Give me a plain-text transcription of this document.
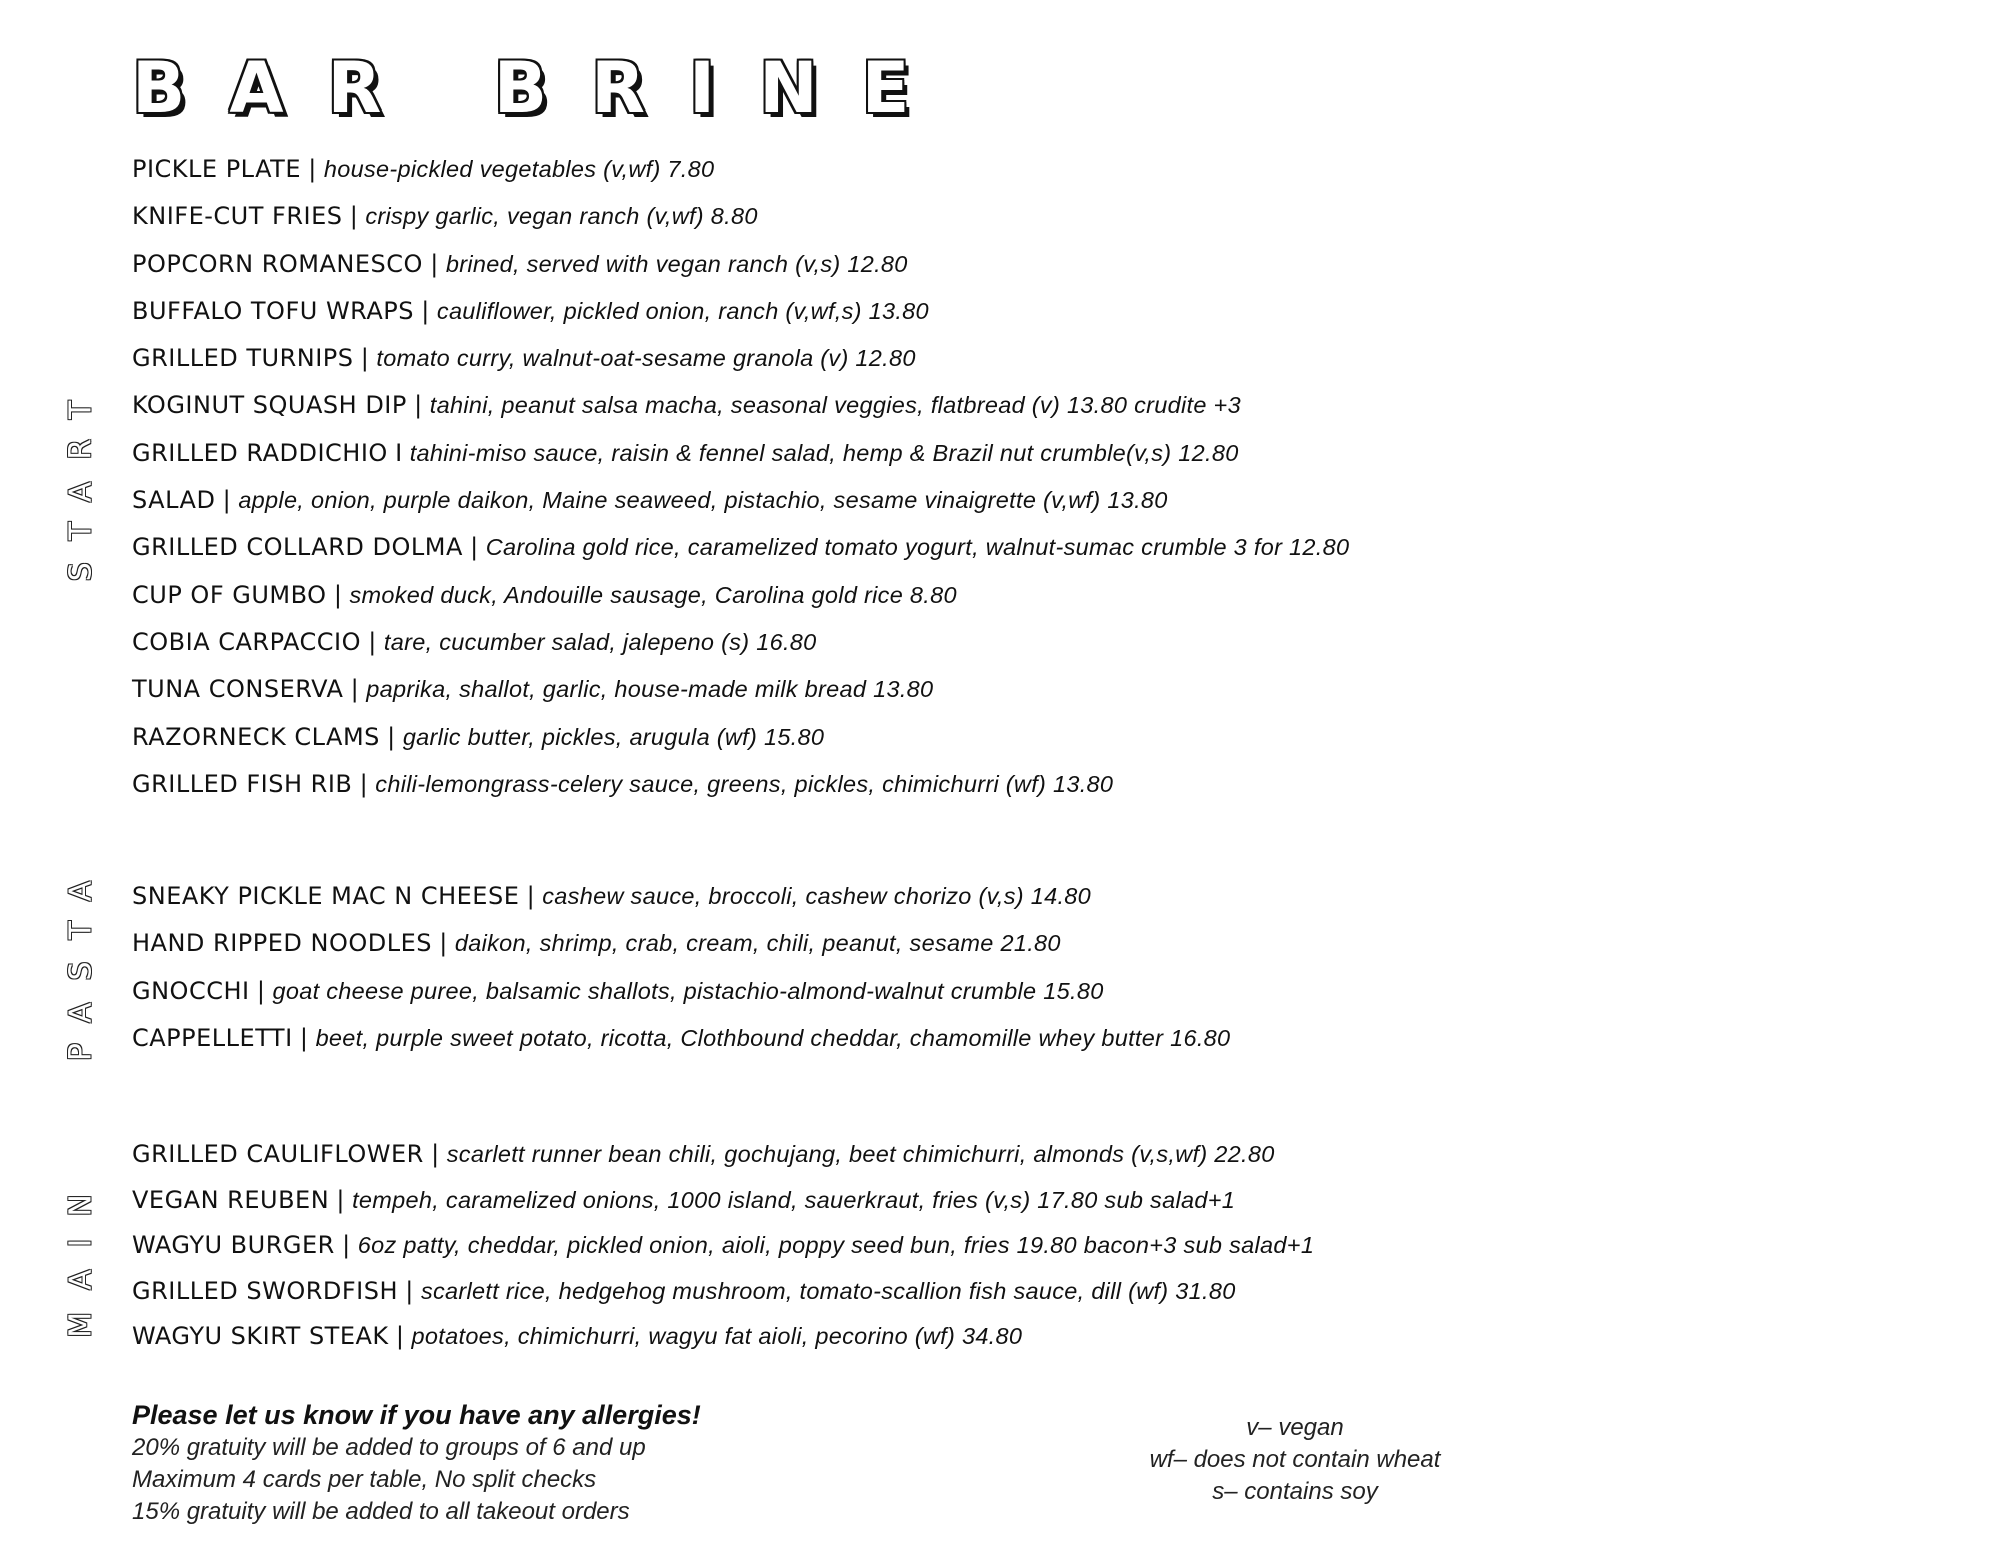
BAR BRINE
START
PICKLE PLATE | house-pickled vegetables (v,wf) 7.80
KNIFE-CUT FRIES | crispy garlic, vegan ranch (v,wf) 8.80
POPCORN ROMANESCO | brined, served with vegan ranch (v,s) 12.80
BUFFALO TOFU WRAPS | cauliflower, pickled onion, ranch (v,wf,s) 13.80
GRILLED TURNIPS | tomato curry, walnut-oat-sesame granola (v) 12.80
KOGINUT SQUASH DIP | tahini, peanut salsa macha, seasonal veggies, flatbread (v) 13.80 crudite +3
GRILLED RADDICHIO I tahini-miso sauce, raisin & fennel salad, hemp & Brazil nut crumble(v,s) 12.80
SALAD | apple, onion, purple daikon, Maine seaweed, pistachio, sesame vinaigrette (v,wf) 13.80
GRILLED COLLARD DOLMA | Carolina gold rice, caramelized tomato yogurt, walnut-sumac crumble 3 for 12.80
CUP OF GUMBO | smoked duck, Andouille sausage, Carolina gold rice 8.80
COBIA CARPACCIO | tare, cucumber salad, jalepeno (s) 16.80
TUNA CONSERVA | paprika, shallot, garlic, house-made milk bread 13.80
RAZORNECK CLAMS | garlic butter, pickles, arugula (wf) 15.80
GRILLED FISH RIB | chili-lemongrass-celery sauce, greens, pickles, chimichurri (wf) 13.80
PASTA SNEAKY PICKLE MAC N CHEESE | cashew sauce, broccoli, cashew chorizo (v,s) 14.80
HAND RIPPED NOODLES | daikon, shrimp, crab, cream, chili, peanut, sesame 21.80
GNOCCHI | goat cheese puree, balsamic shallots, pistachio-almond-walnut crumble 15.80
CAPPELLETTI | beet, purple sweet potato, ricotta, Clothbound cheddar, chamomille whey butter 16.80
MAIN
GRILLED CAULIFLOWER | scarlett runner bean chili, gochujang, beet chimichurri, almonds (v,s,wf) 22.80
VEGAN REUBEN | tempeh, caramelized onions, 1000 island, sauerkraut, fries (v,s) 17.80 sub salad+1
WAGYU BURGER | 6oz patty, cheddar, pickled onion, aioli, poppy seed bun, fries 19.80 bacon+3 sub salad+1
GRILLED SWORDFISH | scarlett rice, hedgehog mushroom, tomato-scallion fish sauce, dill (wf) 31.80
WAGYU SKIRT STEAK | potatoes, chimichurri, wagyu fat aioli, pecorino (wf) 34.80
Please let us know if you have any allergies!
20% gratuity will be added to groups of 6 and up
Maximum 4 cards per table, No split checks
15% gratuity will be added to all takeout orders
v– vegan
wf– does not contain wheat
s– contains soy
